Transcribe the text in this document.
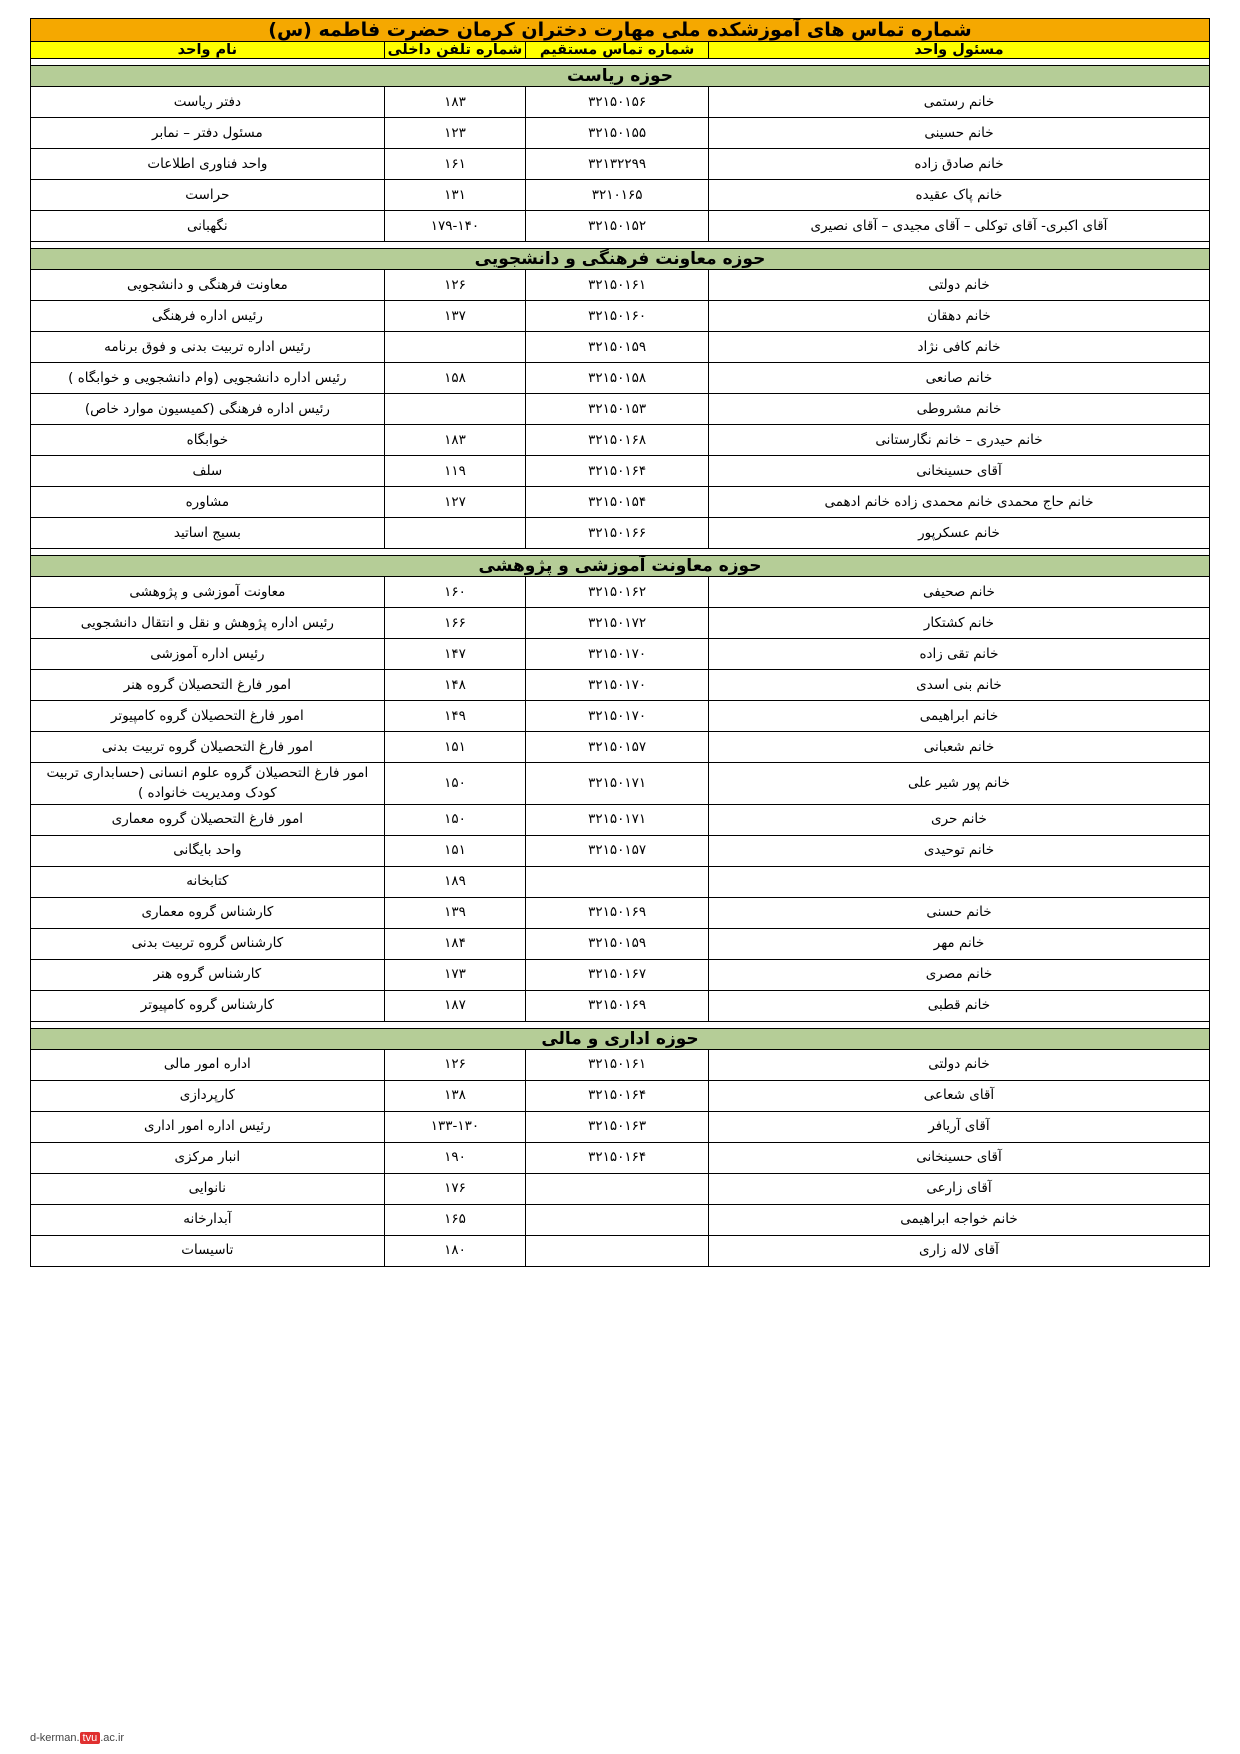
شماره تماس های آموزشکده ملی مهارت دختران کرمان حضرت فاطمه (س)			
مسئول واحد	شماره تماس مستقیم	شماره تلفن داخلی	نام واحد

حوزه ریاست			
خانم رستمی	۳۲۱۵۰۱۵۶	۱۸۳	دفتر ریاست
خانم حسینی	۳۲۱۵۰۱۵۵	۱۲۳	مسئول دفتر – نمابر
خانم صادق زاده	۳۲۱۳۲۲۹۹	۱۶۱	واحد فناوری اطلاعات
خانم پاک عقیده	۳۲۱۰۱۶۵	۱۳۱	حراست
آقای اکبری- آقای توکلی – آقای مجیدی – آقای نصیری	۳۲۱۵۰۱۵۲	۱۷۹-۱۴۰	نگهبانی

حوزه معاونت فرهنگی و دانشجویی			
خانم دولتی	۳۲۱۵۰۱۶۱	۱۲۶	معاونت فرهنگی و دانشجویی
خانم دهقان	۳۲۱۵۰۱۶۰	۱۳۷	رئیس اداره فرهنگی
خانم کافی نژاد	۳۲۱۵۰۱۵۹		رئیس اداره تربیت بدنی و فوق برنامه
خانم صانعی	۳۲۱۵۰۱۵۸	۱۵۸	رئیس اداره دانشجویی (وام دانشجویی و خوابگاه )
خانم مشروطی	۳۲۱۵۰۱۵۳		رئیس اداره فرهنگی (کمیسیون موارد خاص)
خانم حیدری – خانم نگارستانی	۳۲۱۵۰۱۶۸	۱۸۳	خوابگاه
آقای حسینخانی	۳۲۱۵۰۱۶۴	۱۱۹	سلف
خانم حاج محمدی خانم محمدی زاده خانم ادهمی	۳۲۱۵۰۱۵۴	۱۲۷	مشاوره
خانم عسکرپور	۳۲۱۵۰۱۶۶		بسیج اساتید

حوزه معاونت آموزشی و پژوهشی			
خانم صحیفی	۳۲۱۵۰۱۶۲	۱۶۰	معاونت آموزشی و پژوهشی
خانم کشتکار	۳۲۱۵۰۱۷۲	۱۶۶	رئیس اداره پژوهش و نقل و انتقال دانشجویی
خانم تقی زاده	۳۲۱۵۰۱۷۰	۱۴۷	رئیس اداره آموزشی
خانم بنی اسدی	۳۲۱۵۰۱۷۰	۱۴۸	امور فارغ التحصیلان گروه هنر
خانم ابراهیمی	۳۲۱۵۰۱۷۰	۱۴۹	امور فارغ التحصیلان گروه کامپیوتر
خانم شعبانی	۳۲۱۵۰۱۵۷	۱۵۱	امور فارغ التحصیلان گروه تربیت بدنی
خانم پور شیر علی	۳۲۱۵۰۱۷۱	۱۵۰	امور فارغ التحصیلان گروه علوم انسانی (حسابداری تربیت کودک ومدیریت خانواده )
خانم حری	۳۲۱۵۰۱۷۱	۱۵۰	امور فارغ التحصیلان گروه معماری
خانم توحیدی	۳۲۱۵۰۱۵۷	۱۵۱	واحد بایگانی
		۱۸۹	کتابخانه
خانم حسنی	۳۲۱۵۰۱۶۹	۱۳۹	کارشناس گروه معماری
خانم مهر	۳۲۱۵۰۱۵۹	۱۸۴	کارشناس گروه تربیت بدنی
خانم مصری	۳۲۱۵۰۱۶۷	۱۷۳	کارشناس گروه هنر
خانم قطبی	۳۲۱۵۰۱۶۹	۱۸۷	کارشناس گروه کامپیوتر

حوزه اداری و مالی			
خانم دولتی	۳۲۱۵۰۱۶۱	۱۲۶	اداره امور مالی
آقای شعاعی	۳۲۱۵۰۱۶۴	۱۳۸	کارپردازی
آقای آریافر	۳۲۱۵۰۱۶۳	۱۳۳-۱۳۰	رئیس اداره امور اداری
آقای حسینخانی	۳۲۱۵۰۱۶۴	۱۹۰	انبار مرکزی
آقای زارعی		۱۷۶	نانوایی
خانم خواجه ابراهیمی		۱۶۵	آبدارخانه
آقای لاله زاری		۱۸۰	تاسیسات
d-kerman. tvu .ac.ir
